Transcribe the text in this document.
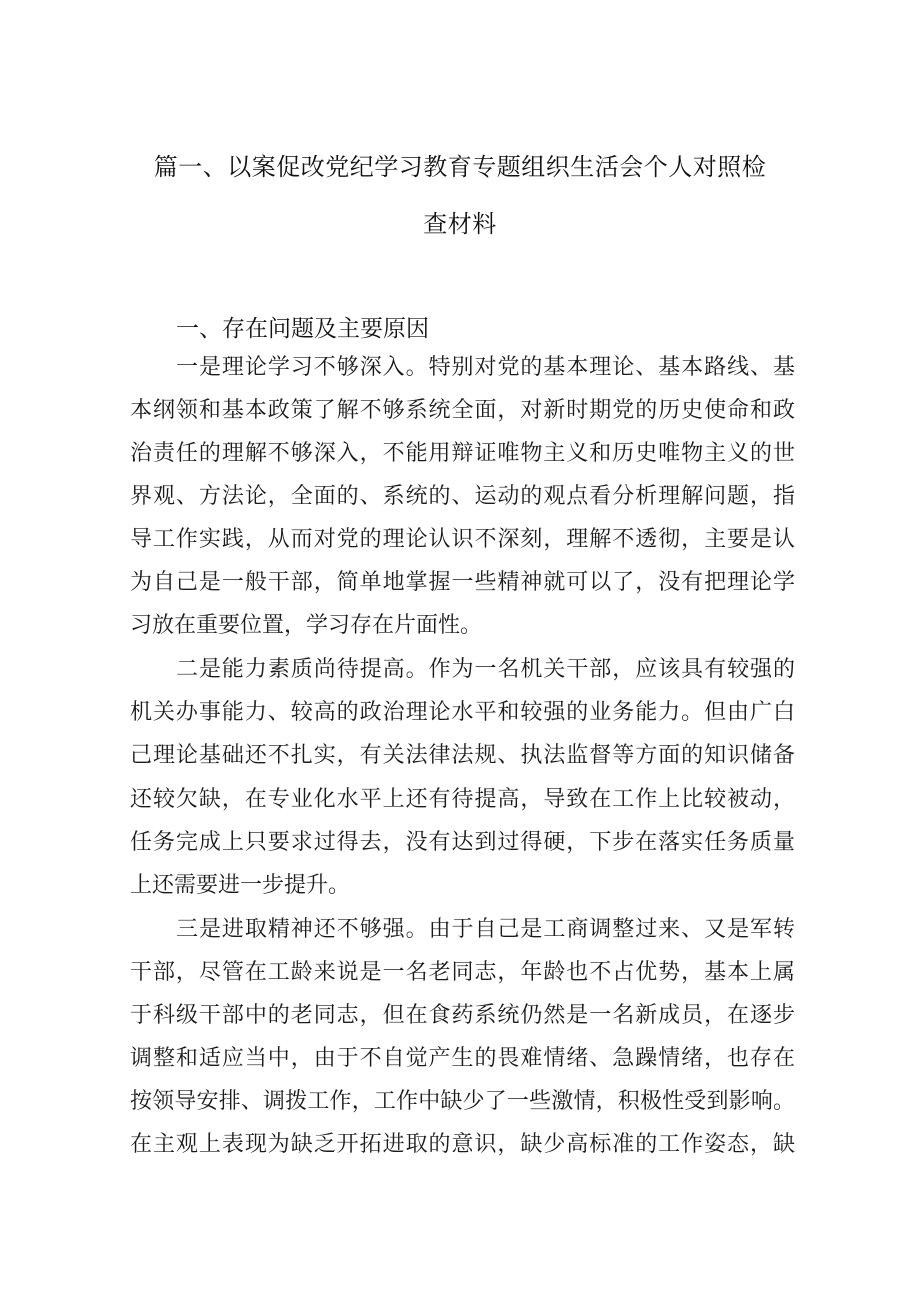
篇一、以案促改党纪学习教育专题组织生活会个人对照检
查材料
一、存在问题及主要原因
一是理论学习不够深入。特别对党的基本理论、基本路线、基
本纲领和基本政策了解不够系统全面，对新时期党的历史使命和政
治责任的理解不够深入，不能用辩证唯物主义和历史唯物主义的世
界观、方法论，全面的、系统的、运动的观点看分析理解问题，指
导工作实践，从而对党的理论认识不深刻，理解不透彻，主要是认
为自己是一般干部，简单地掌握一些精神就可以了，没有把理论学
习放在重要位置，学习存在片面性。
二是能力素质尚待提高。作为一名机关干部，应该具有较强的
机关办事能力、较高的政治理论水平和较强的业务能力。但由广白
己理论基础还不扎实，有关法律法规、执法监督等方面的知识储备
还较欠缺，在专业化水平上还有待提高，导致在工作上比较被动，
任务完成上只要求过得去，没有达到过得硬，下步在落实任务质量
上还需要进一步提升。
三是进取精神还不够强。由于自己是工商调整过来、又是军转
干部，尽管在工龄来说是一名老同志，年龄也不占优势，基本上属
于科级干部中的老同志，但在食药系统仍然是一名新成员，在逐步
调整和适应当中，由于不自觉产生的畏难情绪、急躁情绪，也存在
按领导安排、调拨工作，工作中缺少了一些激情，积极性受到影响。
在主观上表现为缺乏开拓进取的意识，缺少高标准的工作姿态，缺
